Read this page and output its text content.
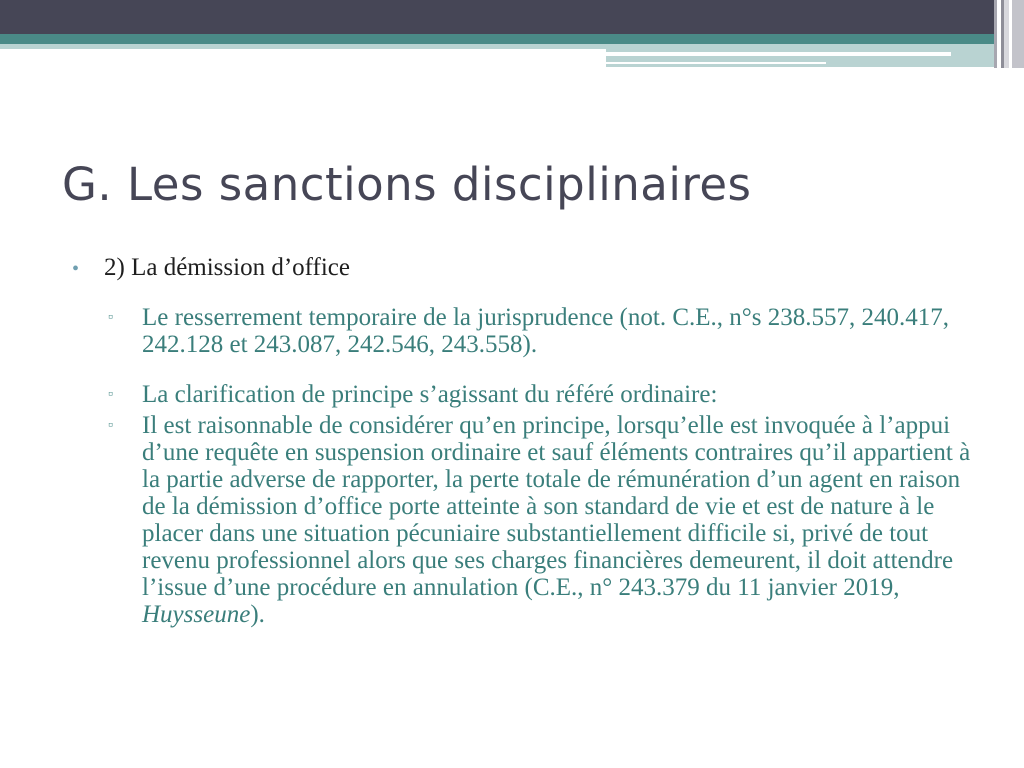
G. Les sanctions disciplinaires
• 2) La démission d’office
▫	Le resserrement temporaire de la jurisprudence (not. C.E., n°s 238.557, 240.417, 242.128 et 243.087, 242.546, 243.558).
▫	La clarification de principe s’agissant du référé ordinaire:
▫	Il est raisonnable de considérer qu’en principe, lorsqu’elle est invoquée à l’appui d’une requête en suspension ordinaire et sauf éléments contraires qu’il appartient à la partie adverse de rapporter, la perte totale de rémunération d’un agent en raison de la démission d’office porte atteinte à son standard de vie et est de nature à le placer dans une situation pécuniaire substantiellement difficile si, privé de tout revenu professionnel alors que ses charges financières demeurent, il doit attendre l’issue d’une procédure en annulation (C.E., n° 243.379 du 11 janvier 2019, Huysseune).
